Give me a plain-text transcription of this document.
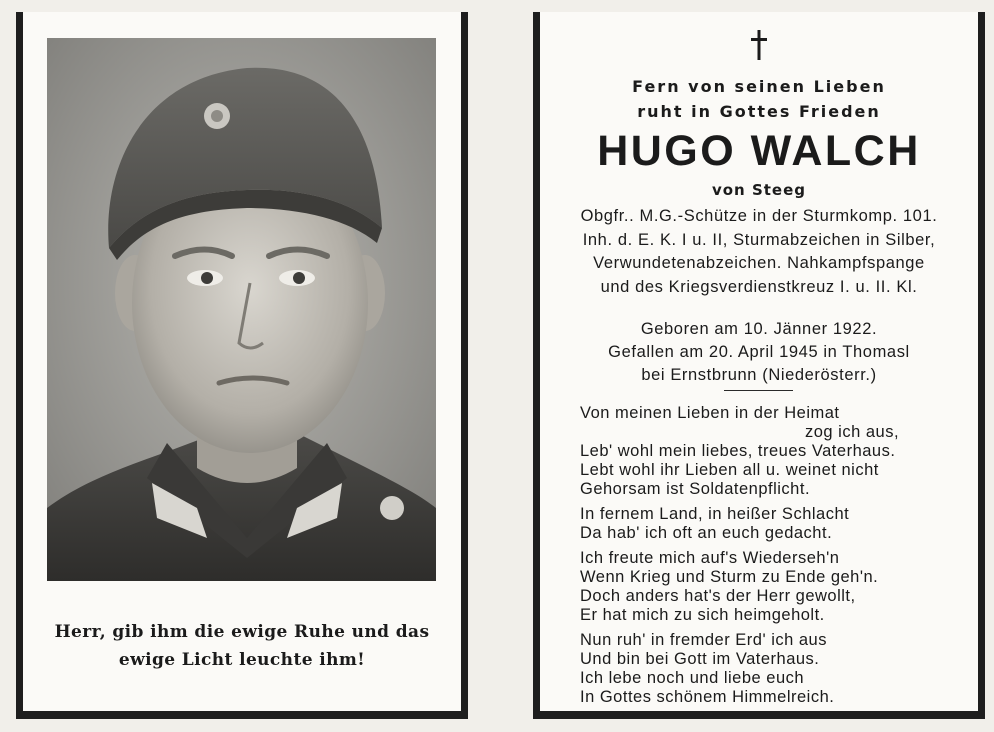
Herr, gib ihm die ewige Ruhe und das
ewige Licht leuchte ihm!
Fern von seinen Lieben
ruht in Gottes Frieden
HUGO WALCH
von Steeg
Obgfr.. M.G.-Schütze in der Sturmkomp. 101.
Inh. d. E. K. I u. II, Sturmabzeichen in Silber,
Verwundetenabzeichen. Nahkampfspange
und des Kriegsverdienstkreuz I. u. II. Kl.
Geboren am 10. Jänner 1922.
Gefallen am 20. April 1945 in Thomasl
bei Ernstbrunn (Niederösterr.)
Von meinen Lieben in der Heimat
zog ich aus,
Leb' wohl mein liebes, treues Vaterhaus.
Lebt wohl ihr Lieben all u. weinet nicht
Gehorsam ist Soldatenpflicht.
In fernem Land, in heißer Schlacht
Da hab' ich oft an euch gedacht.
Ich freute mich auf's Wiederseh'n
Wenn Krieg und Sturm zu Ende geh'n.
Doch anders hat's der Herr gewollt,
Er hat mich zu sich heimgeholt.
Nun ruh' in fremder Erd' ich aus
Und bin bei Gott im Vaterhaus.
Ich lebe noch und liebe euch
In Gottes schönem Himmelreich.
